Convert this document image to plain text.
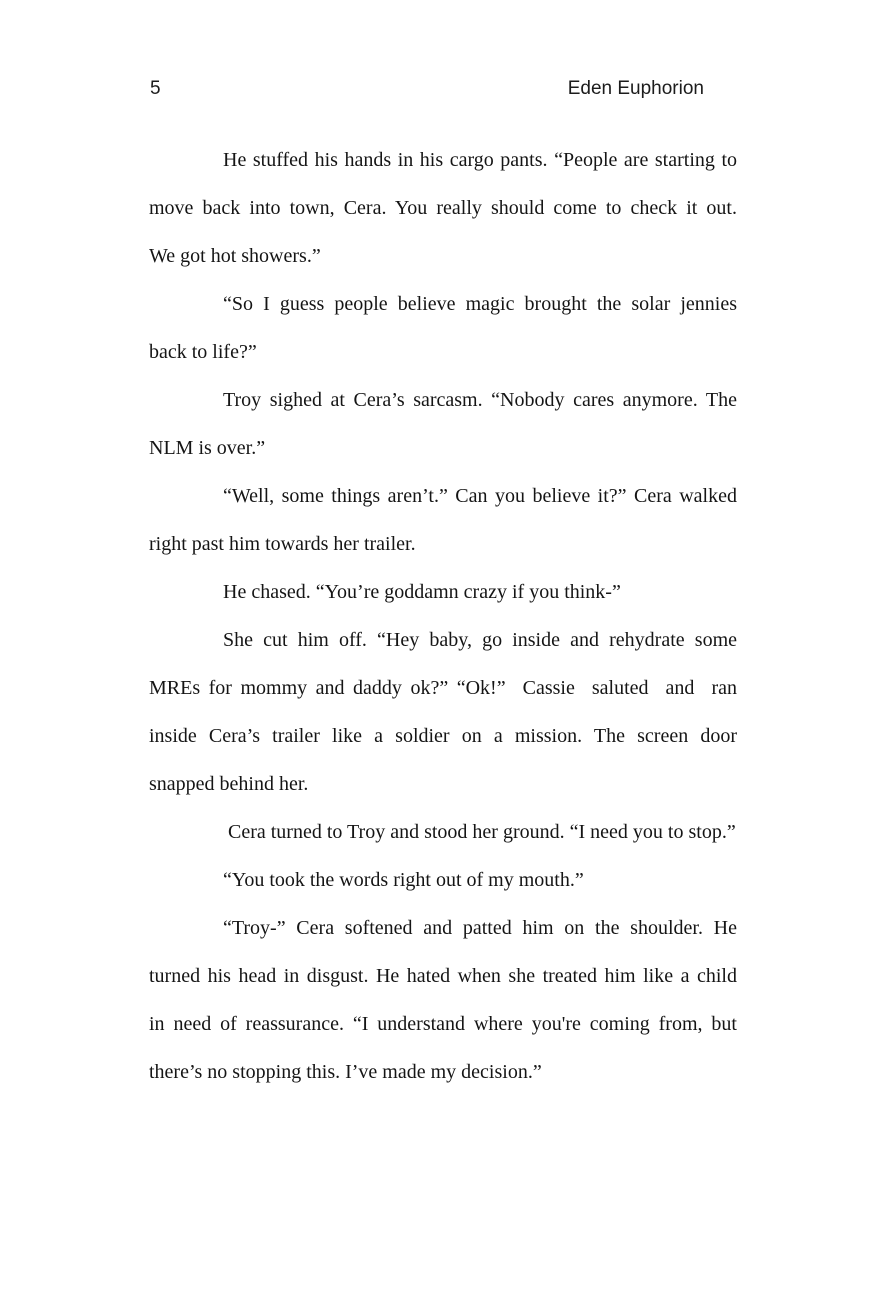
5	Eden Euphorion
He stuffed his hands in his cargo pants. “People are starting to
move back into town, Cera. You really should come to check it out.
We got hot showers.”
“So I guess people believe magic brought the solar jennies
back to life?”
Troy sighed at Cera’s sarcasm. “Nobody cares anymore. The
NLM is over.”
“Well, some things aren’t.” Can you believe it?” Cera walked
right past him towards her trailer.
He chased. “You’re goddamn crazy if you think-”
She cut him off. “Hey baby, go inside and rehydrate some
MREs for mommy and daddy ok?” “Ok!”  Cassie  saluted  and  ran
inside Cera’s trailer like a soldier on a mission. The screen door
snapped behind her.
Cera turned to Troy and stood her ground. “I need you to stop.”
“You took the words right out of my mouth.”
“Troy-” Cera softened and patted him on the shoulder. He
turned his head in disgust. He hated when she treated him like a child
in need of reassurance. “I understand where you're coming from, but
there’s no stopping this. I’ve made my decision.”
